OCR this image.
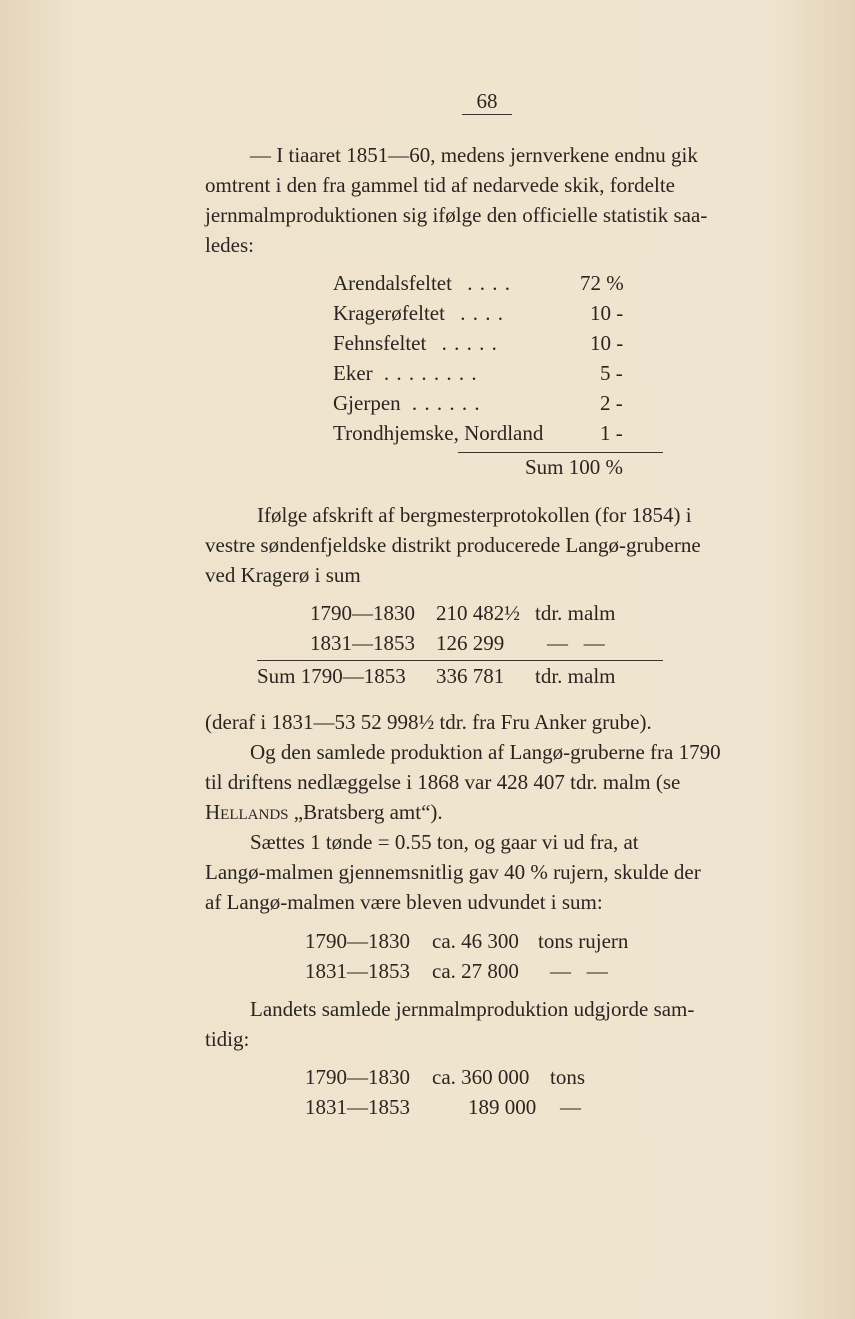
68
— I tiaaret 1851—60, medens jernverkene endnu gik
omtrent i den fra gammel tid af nedarvede skik, fordelte
jernmalmproduktionen sig ifølge den officielle statistik saa-
ledes:
Arendalsfeltet . . . .	72 %
Kragerøfeltet . . . .	10 -
Fehnsfeltet . . . . .	10 -
Eker . . . . . . . .	5 -
Gjerpen . . . . . .	2 -
Trondhjemske, Nordland	1 -
Sum 100 %
Ifølge afskrift af bergmesterprotokollen (for 1854) i
vestre søndenfjeldske distrikt producerede Langø-gruberne
ved Kragerø i sum
1790—1830 210 482½ tdr. malm
1831—1853 126 299 —   —
Sum 1790—1853 336 781 tdr. malm
(deraf i 1831—53 52 998½ tdr. fra Fru Anker grube).
Og den samlede produktion af Langø-gruberne fra 1790
til driftens nedlæggelse i 1868 var 428 407 tdr. malm (se
Hellands „Bratsberg amt“).
Sættes 1 tønde = 0.55 ton, og gaar vi ud fra, at
Langø-malmen gjennemsnitlig gav 40 % rujern, skulde der
af Langø-malmen være bleven udvundet i sum:
1790—1830 ca. 46 300 tons rujern
1831—1853 ca. 27 800 —   —
Landets samlede jernmalmproduktion udgjorde sam-
tidig:
1790—1830 ca. 360 000 tons
1831—1853	189 000 —
